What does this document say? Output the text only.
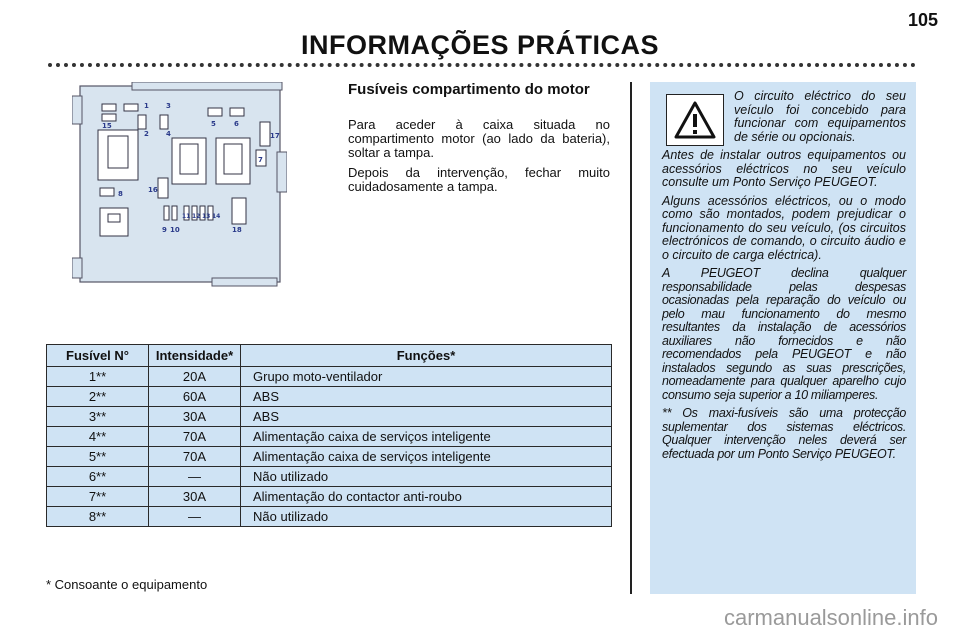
105
INFORMAÇÕES PRÁTICAS
1
2
3
4
5	6
7
8
9 10
11 12 13 14
15
16
17
18
Fusíveis compartimento do motor

Para aceder à caixa situada no compartimento motor (ao lado da bateria), soltar a tampa.

Depois da intervenção, fechar muito cuidadosamente a tampa.

Fusível N°	Intensidade*	Funções*
1**	20A	Grupo moto-ventilador
2**	60A	ABS
3**	30A	ABS
4**	70A	Alimentação caixa de serviços inteligente
5**	70A	Alimentação caixa de serviços inteligente
6**	—	Não utilizado
7**	30A	Alimentação do contactor anti-roubo
8**	—	Não utilizado
* Consoante o equipamento

O circuito eléctrico do seu veículo foi concebido para funcionar com equipamentos de série ou opcionais.

Antes de instalar outros equipamentos ou acessórios eléctricos no seu veículo consulte um Ponto Serviço PEUGEOT.

Alguns acessórios eléctricos, ou o modo como são montados, podem prejudicar o funcionamento do seu veículo, (os circuitos electrónicos de comando, o circuito áudio e o circuito de carga eléctrica).

A PEUGEOT declina qualquer responsabilidade pelas despesas ocasionadas pela reparação do veículo ou pelo mau funcionamento do mesmo resultantes da instalação de acessórios auxiliares não fornecidos e não recomendados pela PEUGEOT e não instalados segundo as suas prescrições, nomeadamente para qualquer aparelho cujo consumo seja superior a 10 miliamperes.

** Os maxi-fusíveis são uma protecção suplementar dos sistemas eléctricos. Qualquer intervenção neles deverá ser efectuada por um Ponto Serviço PEUGEOT.

carmanualsonline.info
